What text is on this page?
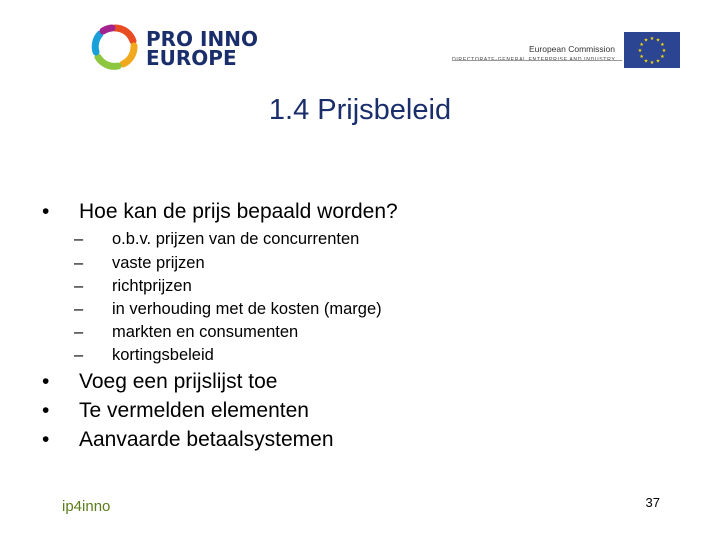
PRO INNO
EUROPE	European Commission
★ ★
★
★
★
★
★
★
★
★
★
★
1.4 Prijsbeleid
• Hoe kan de prijs bepaald worden?
– o.b.v. prijzen van de concurrenten
– vaste prijzen
– richtprijzen
– in verhouding met de kosten (marge)
– markten en consumenten
– kortingsbeleid
• Voeg een prijslijst toe
• Te vermelden elementen
• Aanvaarde betaalsystemen
ip4inno	37
